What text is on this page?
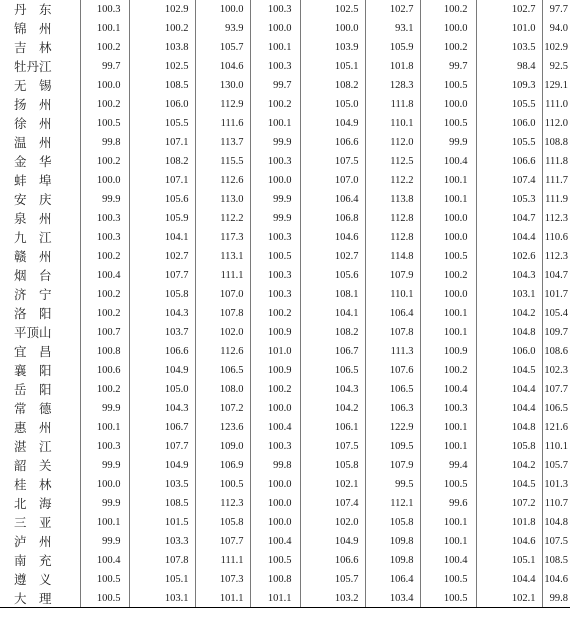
丹　东	100.3	102.9	100.0	100.3	102.5	102.7	100.2	102.7	97.7
锦　州	100.1	100.2	93.9	100.0	100.0	93.1	100.0	101.0	94.0
吉　林	100.2	103.8	105.7	100.1	103.9	105.9	100.2	103.5	102.9
牡丹江	99.7	102.5	104.6	100.3	105.1	101.8	99.7	98.4	92.5
无　锡	100.0	108.5	130.0	99.7	108.2	128.3	100.5	109.3	129.1
扬　州	100.2	106.0	112.9	100.2	105.0	111.8	100.0	105.5	111.0
徐　州	100.5	105.5	111.6	100.1	104.9	110.1	100.5	106.0	112.0
温　州	99.8	107.1	113.7	99.9	106.6	112.0	99.9	105.5	108.8
金　华	100.2	108.2	115.5	100.3	107.5	112.5	100.4	106.6	111.8
蚌　埠	100.0	107.1	112.6	100.0	107.0	112.2	100.1	107.4	111.7
安　庆	99.9	105.6	113.0	99.9	106.4	113.8	100.1	105.3	111.9
泉　州	100.3	105.9	112.2	99.9	106.8	112.8	100.0	104.7	112.3
九　江	100.3	104.1	117.3	100.3	104.6	112.8	100.0	104.4	110.6
赣　州	100.2	102.7	113.1	100.5	102.7	114.8	100.5	102.6	112.3
烟　台	100.4	107.7	111.1	100.3	105.6	107.9	100.2	104.3	104.7
济　宁	100.2	105.8	107.0	100.3	108.1	110.1	100.0	103.1	101.7
洛　阳	100.2	104.3	107.8	100.2	104.1	106.4	100.1	104.2	105.4
平顶山	100.7	103.7	102.0	100.9	108.2	107.8	100.1	104.8	109.7
宜　昌	100.8	106.6	112.6	101.0	106.7	111.3	100.9	106.0	108.6
襄　阳	100.6	104.9	106.5	100.9	106.5	107.6	100.2	104.5	102.3
岳　阳	100.2	105.0	108.0	100.2	104.3	106.5	100.4	104.4	107.7
常　德	99.9	104.3	107.2	100.0	104.2	106.3	100.3	104.4	106.5
惠　州	100.1	106.7	123.6	100.4	106.1	122.9	100.1	104.8	121.6
湛　江	100.3	107.7	109.0	100.3	107.5	109.5	100.1	105.8	110.1
韶　关	99.9	104.9	106.9	99.8	105.8	107.9	99.4	104.2	105.7
桂　林	100.0	103.5	100.5	100.0	102.1	99.5	100.5	104.5	101.3
北　海	99.9	108.5	112.3	100.0	107.4	112.1	99.6	107.2	110.7
三　亚	100.1	101.5	105.8	100.0	102.0	105.8	100.1	101.8	104.8
泸　州	99.9	103.3	107.7	100.4	104.9	109.8	100.1	104.6	107.5
南　充	100.4	107.8	111.1	100.5	106.6	109.8	100.4	105.1	108.5
遵　义	100.5	105.1	107.3	100.8	105.7	106.4	100.5	104.4	104.6
大　理	100.5	103.1	101.1	101.1	103.2	103.4	100.5	102.1	99.8
